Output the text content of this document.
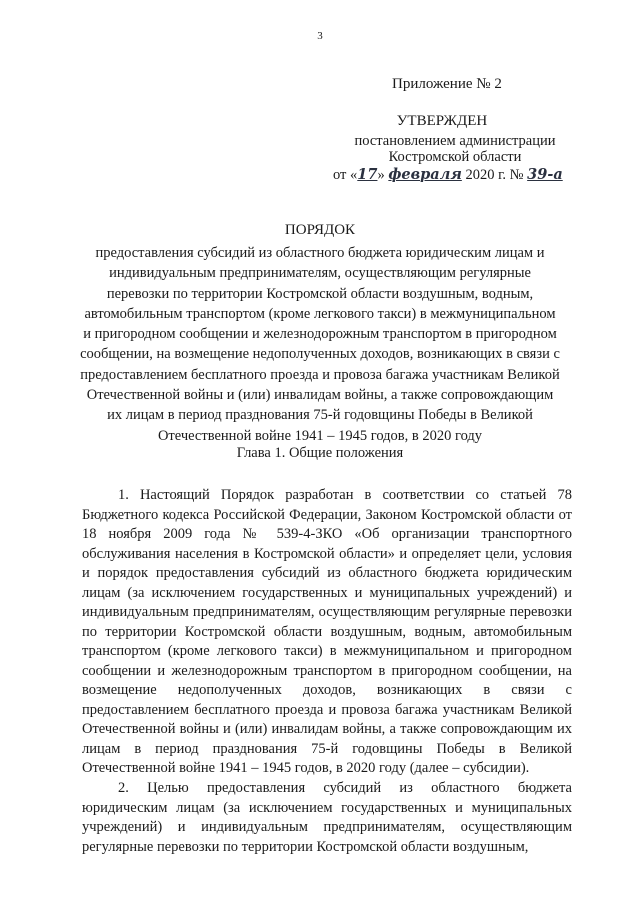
3
Приложение № 2
УТВЕРЖДЕН
постановлением администрации
Костромской области
от «17» февраля 2020 г. № 39-а
ПОРЯДОК
предоставления субсидий из областного бюджета юридическим лицам и индивидуальным предпринимателям, осуществляющим регулярные перевозки по территории Костромской области воздушным, водным, автомобильным транспортом (кроме легкового такси) в межмуниципальном и пригородном сообщении и железнодорожным транспортом в пригородном сообщении, на возмещение недополученных доходов, возникающих в связи с предоставлением бесплатного проезда и провоза багажа участникам Великой Отечественной войны и (или) инвалидам войны, а также сопровождающим их лицам в период празднования 75-й годовщины Победы в Великой Отечественной войне 1941 – 1945 годов, в 2020 году
Глава 1. Общие положения
1. Настоящий Порядок разработан в соответствии со статьей 78 Бюджетного кодекса Российской Федерации, Законом Костромской области от 18 ноября 2009 года № 539-4-ЗКО «Об организации транспортного обслуживания населения в Костромской области» и определяет цели, условия и порядок предоставления субсидий из областного бюджета юридическим лицам (за исключением государственных и муниципальных учреждений) и индивидуальным предпринимателям, осуществляющим регулярные перевозки по территории Костромской области воздушным, водным, автомобильным транспортом (кроме легкового такси) в межмуниципальном и пригородном сообщении и железнодорожным транспортом в пригородном сообщении, на возмещение недополученных доходов, возникающих в связи с предоставлением бесплатного проезда и провоза багажа участникам Великой Отечественной войны и (или) инвалидам войны, а также сопровождающим их лицам в период празднования 75-й годовщины Победы в Великой Отечественной войне 1941 – 1945 годов, в 2020 году (далее – субсидии).
2. Целью предоставления субсидий из областного бюджета юридическим лицам (за исключением государственных и муниципальных учреждений) и индивидуальным предпринимателям, осуществляющим регулярные перевозки по территории Костромской области воздушным,
